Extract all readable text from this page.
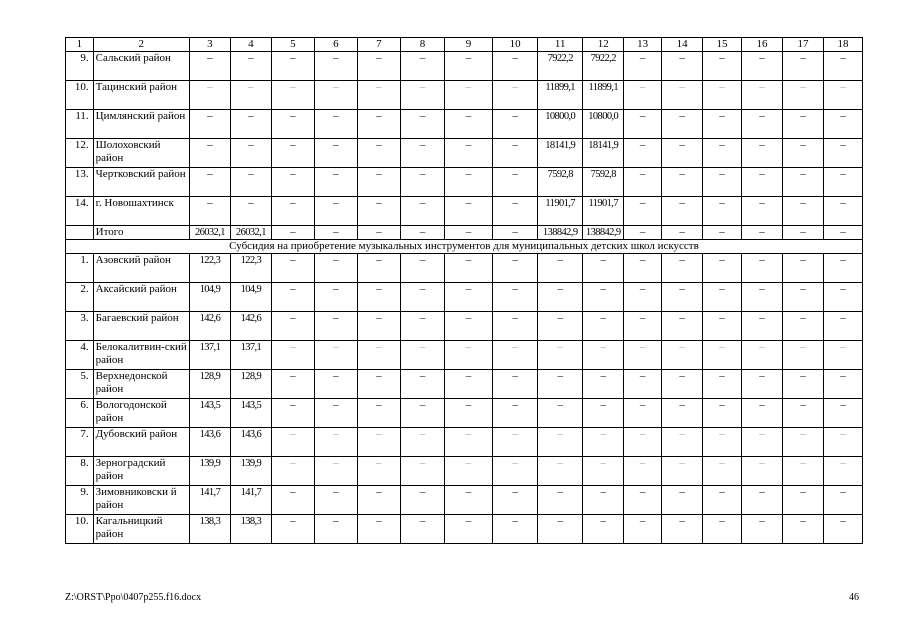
1	2	3	4	5	6	7	8	9	10	11	12	13	14	15	16	17	18
9.	Сальский район	–	–	–	–	–	–	–	–	7922,2	7922,2	–	–	–	–	–	–
10.	Тацинский район	–	–	–	–	–	–	–	–	11899,1	11899,1	–	–	–	–	–	–
11.	Цимлянский район	–	–	–	–	–	–	–	–	10800,0	10800,0	–	–	–	–	–	–
12.	Шолоховский район	–	–	–	–	–	–	–	–	18141,9	18141,9	–	–	–	–	–	–
13.	Чертковский район	–	–	–	–	–	–	–	–	7592,8	7592,8	–	–	–	–	–	–
14.	г. Новошахтинск	–	–	–	–	–	–	–	–	11901,7	11901,7	–	–	–	–	–	–
	Итого	26032,1	26032,1	–	–	–	–	–	–	138842,9	138842,9	–	–	–	–	–	–
Субсидия на приобретение музыкальных инструментов для муниципальных детских школ искусств																	
1.	Азовский район	122,3	122,3	–	–	–	–	–	–	–	–	–	–	–	–	–	–
2.	Аксайский район	104,9	104,9	–	–	–	–	–	–	–	–	–	–	–	–	–	–
3.	Багаевский район	142,6	142,6	–	–	–	–	–	–	–	–	–	–	–	–	–	–
4.	Белокалитвин-ский район	137,1	137,1	–	–	–	–	–	–	–	–	–	–	–	–	–	–
5.	Верхнедонской район	128,9	128,9	–	–	–	–	–	–	–	–	–	–	–	–	–	–
6.	Вологодонской район	143,5	143,5	–	–	–	–	–	–	–	–	–	–	–	–	–	–
7.	Дубовский район	143,6	143,6	–	–	–	–	–	–	–	–	–	–	–	–	–	–
8.	Зерноградский район	139,9	139,9	–	–	–	–	–	–	–	–	–	–	–	–	–	–
9.	Зимовниковски й район	141,7	141,7	–	–	–	–	–	–	–	–	–	–	–	–	–	–
10.	Кагальницкий район	138,3	138,3	–	–	–	–	–	–	–	–	–	–	–	–	–	–
Z:\ORST\Ppo\0407p255.f16.docx	46
